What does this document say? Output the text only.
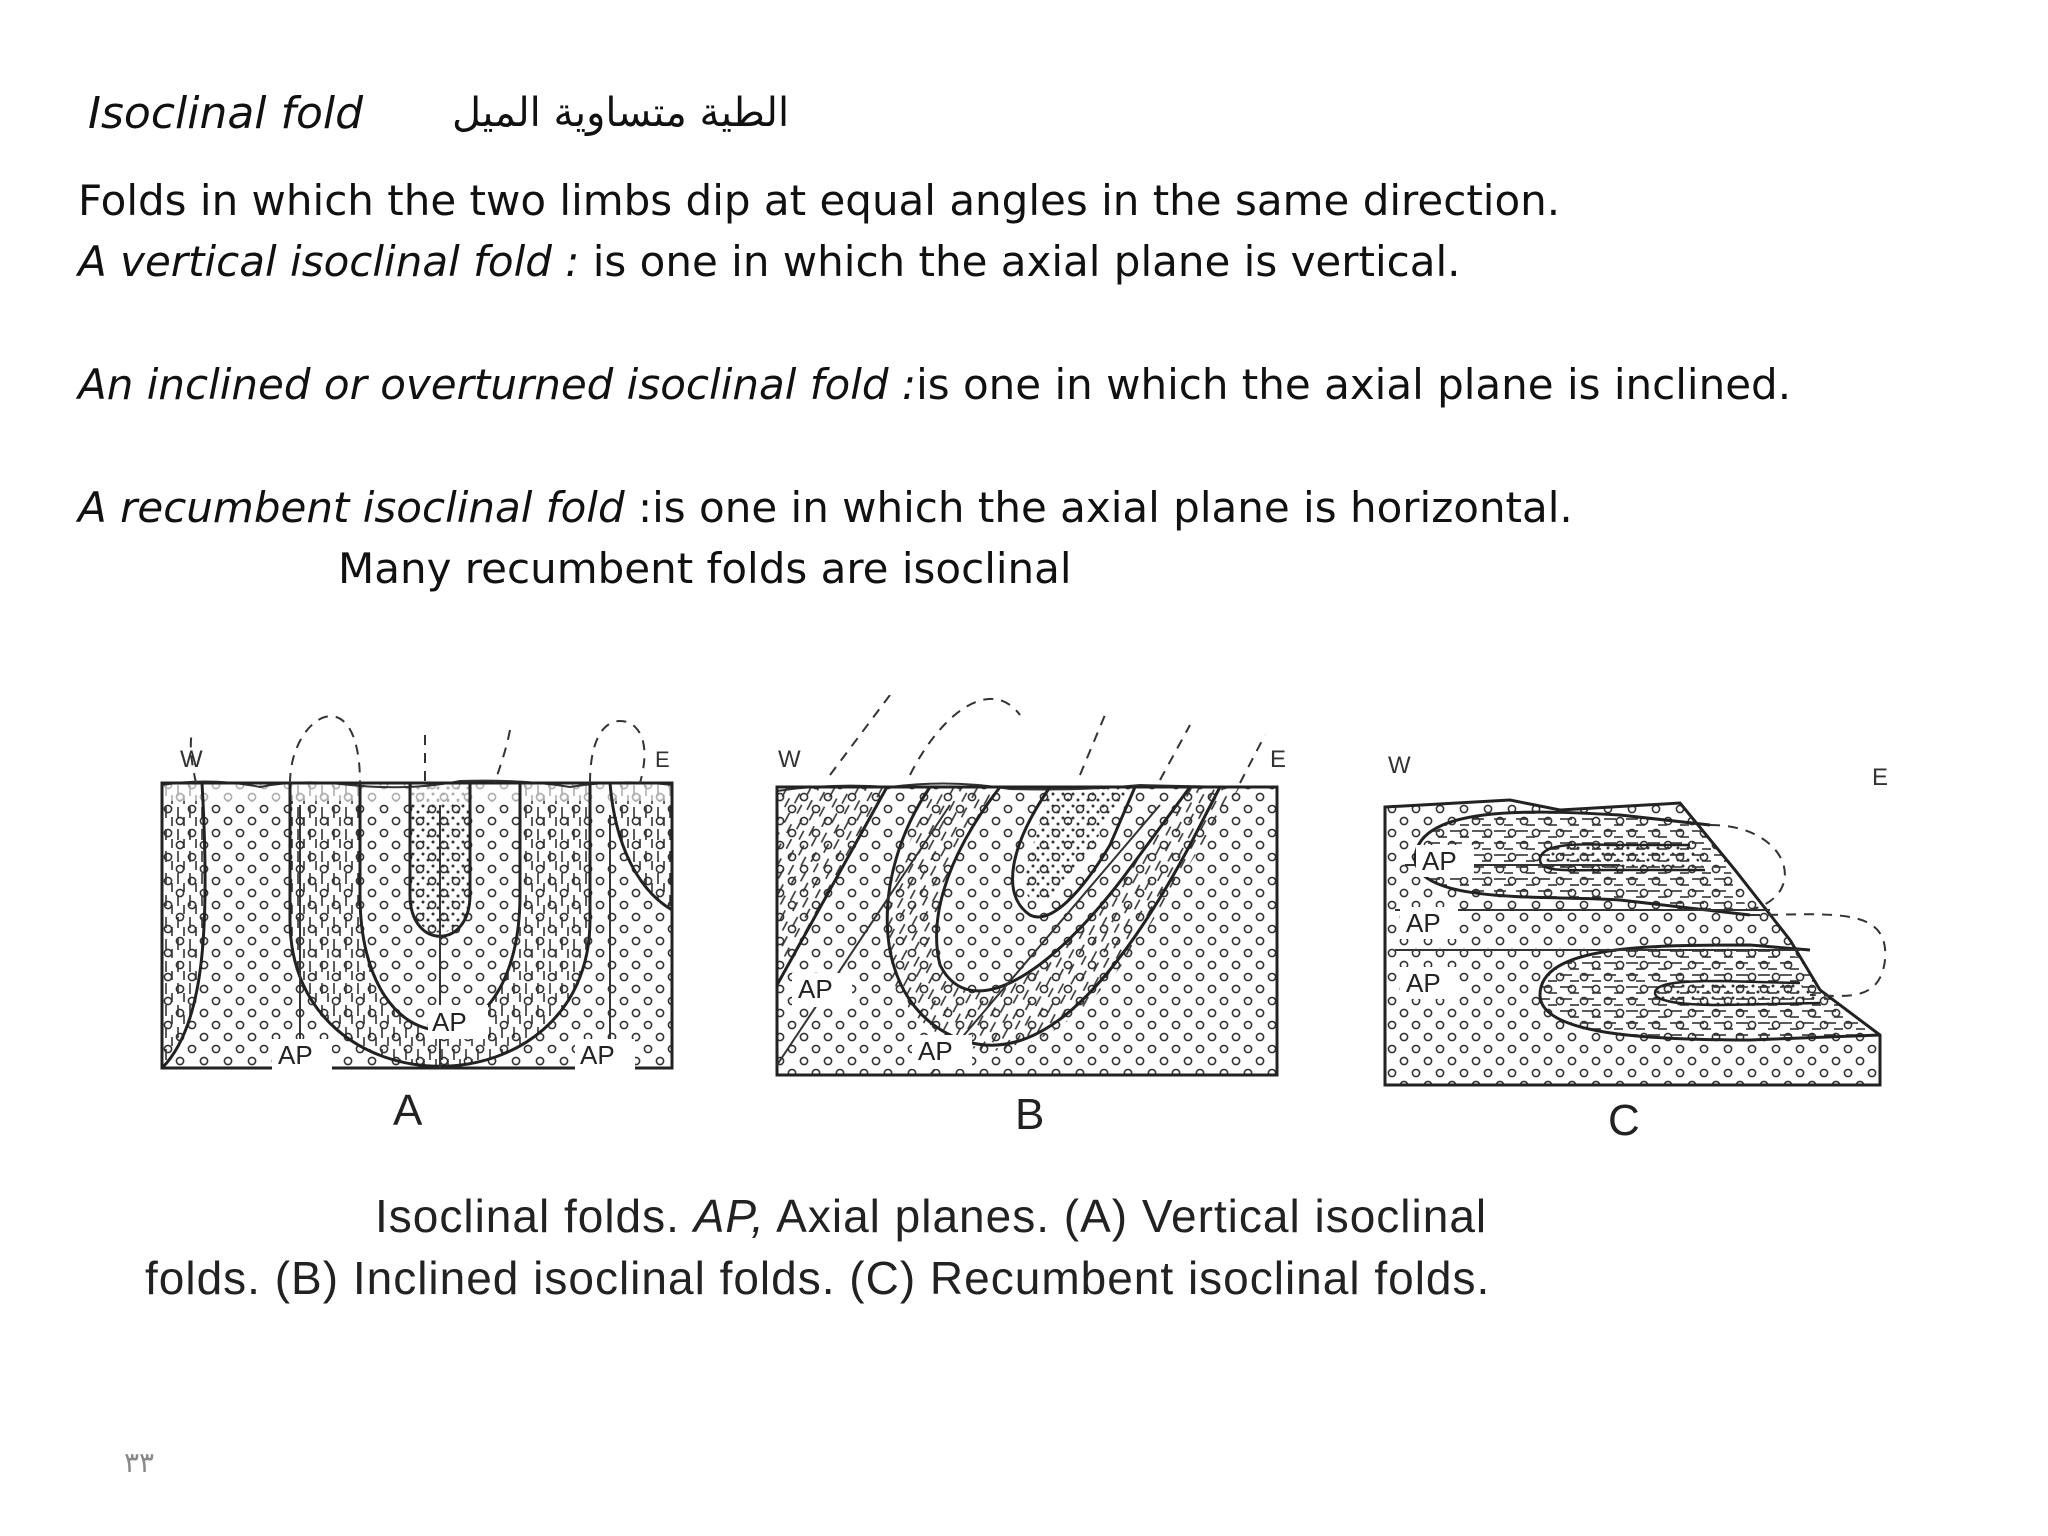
Isoclinal fold الطية متساوية الميل

Folds in which the two limbs dip at equal angles in the same direction.

A vertical isoclinal fold : is one in which the axial plane is vertical.

An inclined or overturned isoclinal fold :is one in which the axial plane is inclined.

A recumbent isoclinal fold :is one in which the axial plane is horizontal.

Many recumbent folds are isoclinal

W	E
AP
AP	AP
A
AP
AP
W	E
B
AP
AP
AP
W	E
C
Isoclinal folds. AP, Axial planes. (A) Vertical isoclinal
folds. (B) Inclined isoclinal folds. (C) Recumbent isoclinal folds.
٣٣
